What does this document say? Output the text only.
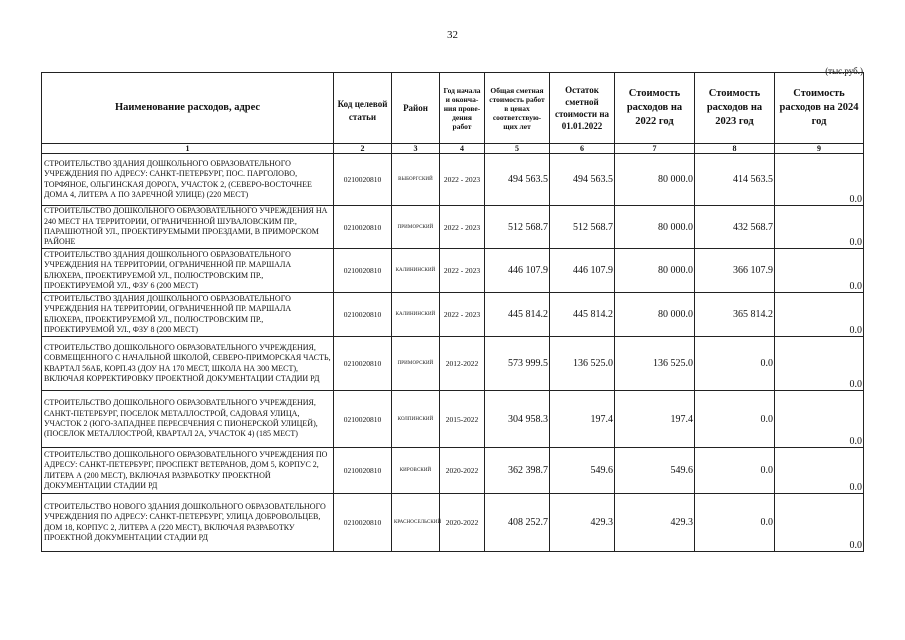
32
(тыс.руб.)
Наименование расходов, адрес	Код целевой статьи	Район	Год начала и оконча-ния прове-дения работ	Общая сметная стоимость работ в ценах соответствую-щих лет	Остаток сметной стоимости на 01.01.2022	Стоимость расходов на 2022 год	Стоимость расходов на 2023 год	Стоимость расходов на 2024 год
1	2	3	4	5	6	7	8	9
СТРОИТЕЛЬСТВО ЗДАНИЯ ДОШКОЛЬНОГО ОБРАЗОВАТЕЛЬНОГО УЧРЕЖДЕНИЯ ПО АДРЕСУ: САНКТ-ПЕТЕРБУРГ, ПОС. ПАРГОЛОВО, ТОРФЯНОЕ, ОЛЬГИНСКАЯ ДОРОГА, УЧАСТОК 2, (СЕВЕРО-ВОСТОЧНЕЕ ДОМА 4, ЛИТЕРА А ПО ЗАРЕЧНОЙ УЛИЦЕ) (220 МЕСТ)	0210020810	ВЫБОРГСКИЙ	2022 - 2023	494 563.5	494 563.5	80 000.0	414 563.5	0.0
СТРОИТЕЛЬСТВО ДОШКОЛЬНОГО ОБРАЗОВАТЕЛЬНОГО УЧРЕЖДЕНИЯ НА 240 МЕСТ НА ТЕРРИТОРИИ, ОГРАНИЧЕННОЙ ШУВАЛОВСКИМ ПР., ПАРАШЮТНОЙ УЛ., ПРОЕКТИРУЕМЫМИ ПРОЕЗДАМИ, В ПРИМОРСКОМ РАЙОНЕ	0210020810	ПРИМОРСКИЙ	2022 - 2023	512 568.7	512 568.7	80 000.0	432 568.7	0.0
СТРОИТЕЛЬСТВО ЗДАНИЯ ДОШКОЛЬНОГО ОБРАЗОВАТЕЛЬНОГО УЧРЕЖДЕНИЯ НА ТЕРРИТОРИИ, ОГРАНИЧЕННОЙ ПР. МАРШАЛА БЛЮХЕРА, ПРОЕКТИРУЕМОЙ УЛ., ПОЛЮСТРОВСКИМ ПР., ПРОЕКТИРУЕМОЙ УЛ., ФЗУ 6 (200 МЕСТ)	0210020810	КАЛИНИНСКИЙ	2022 - 2023	446 107.9	446 107.9	80 000.0	366 107.9	0.0
СТРОИТЕЛЬСТВО ЗДАНИЯ ДОШКОЛЬНОГО ОБРАЗОВАТЕЛЬНОГО УЧРЕЖДЕНИЯ НА ТЕРРИТОРИИ, ОГРАНИЧЕННОЙ ПР. МАРШАЛА БЛЮХЕРА, ПРОЕКТИРУЕМОЙ УЛ., ПОЛЮСТРОВСКИМ ПР., ПРОЕКТИРУЕМОЙ УЛ., ФЗУ 8 (200 МЕСТ)	0210020810	КАЛИНИНСКИЙ	2022 - 2023	445 814.2	445 814.2	80 000.0	365 814.2	0.0
СТРОИТЕЛЬСТВО ДОШКОЛЬНОГО ОБРАЗОВАТЕЛЬНОГО УЧРЕЖДЕНИЯ, СОВМЕЩЕННОГО С НАЧАЛЬНОЙ ШКОЛОЙ, СЕВЕРО-ПРИМОРСКАЯ ЧАСТЬ, КВАРТАЛ 56АБ, КОРП.43 (ДОУ НА 170 МЕСТ, ШКОЛА НА 300 МЕСТ), ВКЛЮЧАЯ КОРРЕКТИРОВКУ ПРОЕКТНОЙ ДОКУМЕНТАЦИИ СТАДИИ РД	0210020810	ПРИМОРСКИЙ	2012-2022	573 999.5	136 525.0	136 525.0	0.0	0.0
СТРОИТЕЛЬСТВО ДОШКОЛЬНОГО ОБРАЗОВАТЕЛЬНОГО УЧРЕЖДЕНИЯ, САНКТ-ПЕТЕРБУРГ, ПОСЕЛОК МЕТАЛЛОСТРОЙ, САДОВАЯ УЛИЦА, УЧАСТОК 2 (ЮГО-ЗАПАДНЕЕ ПЕРЕСЕЧЕНИЯ С ПИОНЕРСКОЙ УЛИЦЕЙ), (ПОСЕЛОК МЕТАЛЛОСТРОЙ, КВАРТАЛ 2А, УЧАСТОК 4) (185 МЕСТ)	0210020810	КОЛПИНСКИЙ	2015-2022	304 958.3	197.4	197.4	0.0	0.0
СТРОИТЕЛЬСТВО ДОШКОЛЬНОГО ОБРАЗОВАТЕЛЬНОГО УЧРЕЖДЕНИЯ ПО АДРЕСУ: САНКТ-ПЕТЕРБУРГ, ПРОСПЕКТ ВЕТЕРАНОВ, ДОМ 5, КОРПУС 2, ЛИТЕРА А (200 МЕСТ), ВКЛЮЧАЯ РАЗРАБОТКУ ПРОЕКТНОЙ ДОКУМЕНТАЦИИ СТАДИИ РД	0210020810	КИРОВСКИЙ	2020-2022	362 398.7	549.6	549.6	0.0	0.0
СТРОИТЕЛЬСТВО НОВОГО ЗДАНИЯ ДОШКОЛЬНОГО ОБРАЗОВАТЕЛЬНОГО УЧРЕЖДЕНИЯ ПО АДРЕСУ: САНКТ-ПЕТЕРБУРГ, УЛИЦА ДОБРОВОЛЬЦЕВ, ДОМ 18, КОРПУС 2, ЛИТЕРА А (220 МЕСТ), ВКЛЮЧАЯ РАЗРАБОТКУ ПРОЕКТНОЙ ДОКУМЕНТАЦИИ СТАДИИ РД	0210020810	КРАСНОСЕЛЬСКИЙ	2020-2022	408 252.7	429.3	429.3	0.0	0.0
